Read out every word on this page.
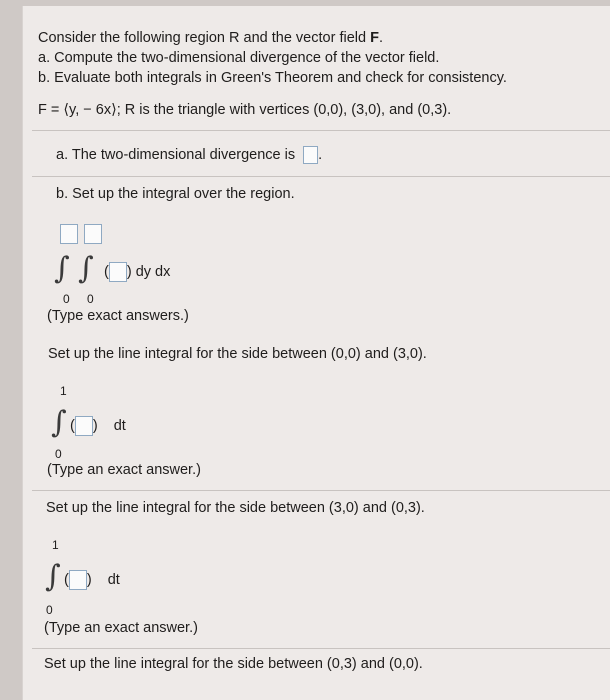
Consider the following region R and the vector field F.

a. Compute the two-dimensional divergence of the vector field.

b. Evaluate both integrals in Green's Theorem and check for consistency.

F = ⟨y, − 6x⟩; R is the triangle with vertices (0,0), (3,0), and (0,3).
a. The two-dimensional divergence is .
b. Set up the integral over the region.
∫ ∫ ( ) dy dx
0 0
(Type exact answers.)
Set up the line integral for the side between (0,0) and (3,0).
1
∫ ( ) dt
0
(Type an exact answer.)
Set up the line integral for the side between (3,0) and (0,3).
1
∫ ( ) dt
0
(Type an exact answer.)
Set up the line integral for the side between (0,3) and (0,0).
